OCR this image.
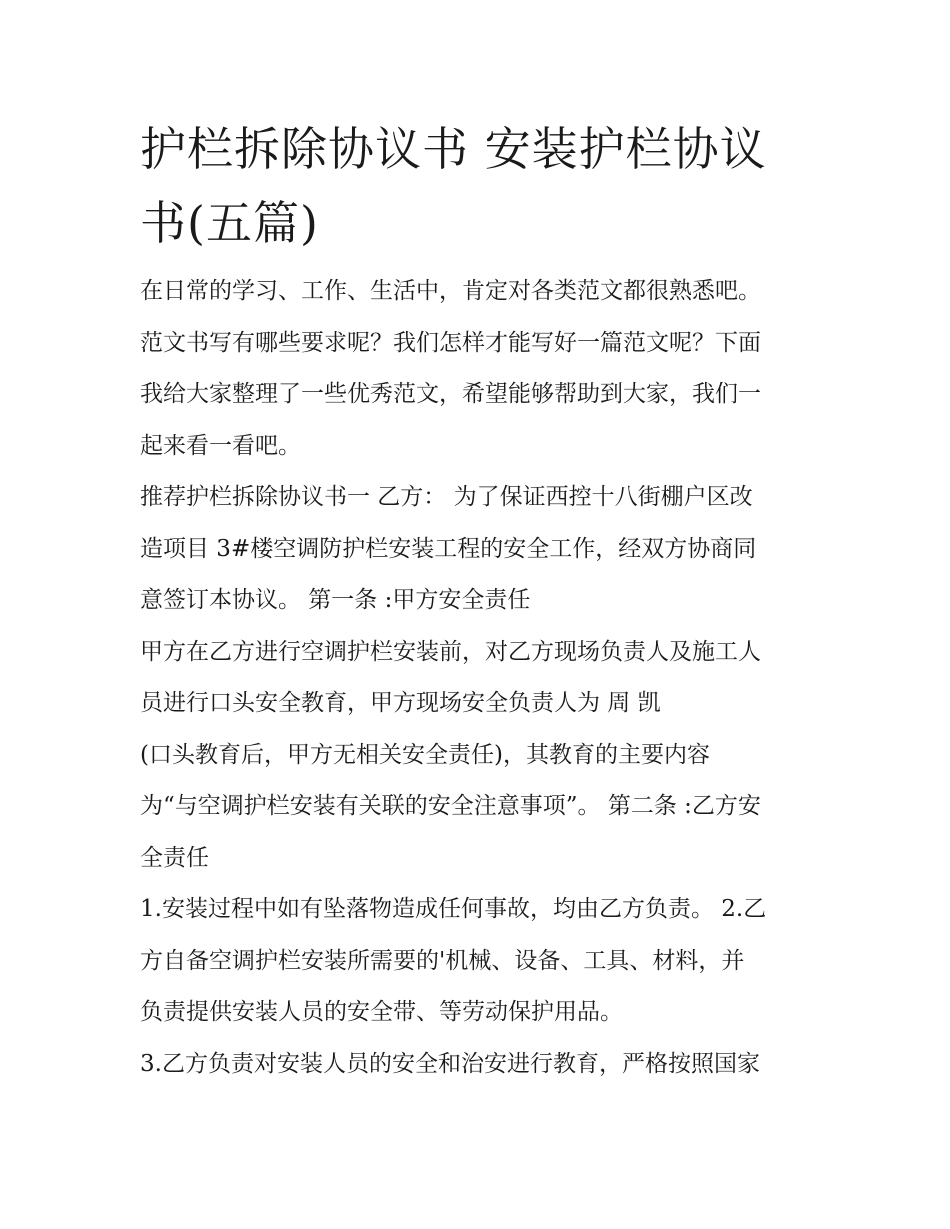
护栏拆除协议书 安装护栏协议
书(五篇)
在日常的学习、工作、生活中，肯定对各类范文都很熟悉吧。
范文书写有哪些要求呢？我们怎样才能写好一篇范文呢？下面
我给大家整理了一些优秀范文，希望能够帮助到大家，我们一
起来看一看吧。
推荐护栏拆除协议书一 乙方： 为了保证西控十八街棚户区改
造项目 3#楼空调防护栏安装工程的安全工作，经双方协商同
意签订本协议。 第一条 :甲方安全责任
甲方在乙方进行空调护栏安装前，对乙方现场负责人及施工人
员进行口头安全教育，甲方现场安全负责人为 周 凯
(口头教育后，甲方无相关安全责任)，其教育的主要内容
为“与空调护栏安装有关联的安全注意事项”。 第二条 :乙方安
全责任
1.安装过程中如有坠落物造成任何事故，均由乙方负责。 2.乙
方自备空调护栏安装所需要的'机械、设备、工具、材料，并
负责提供安装人员的安全带、等劳动保护用品。
3.乙方负责对安装人员的安全和治安进行教育，严格按照国家
